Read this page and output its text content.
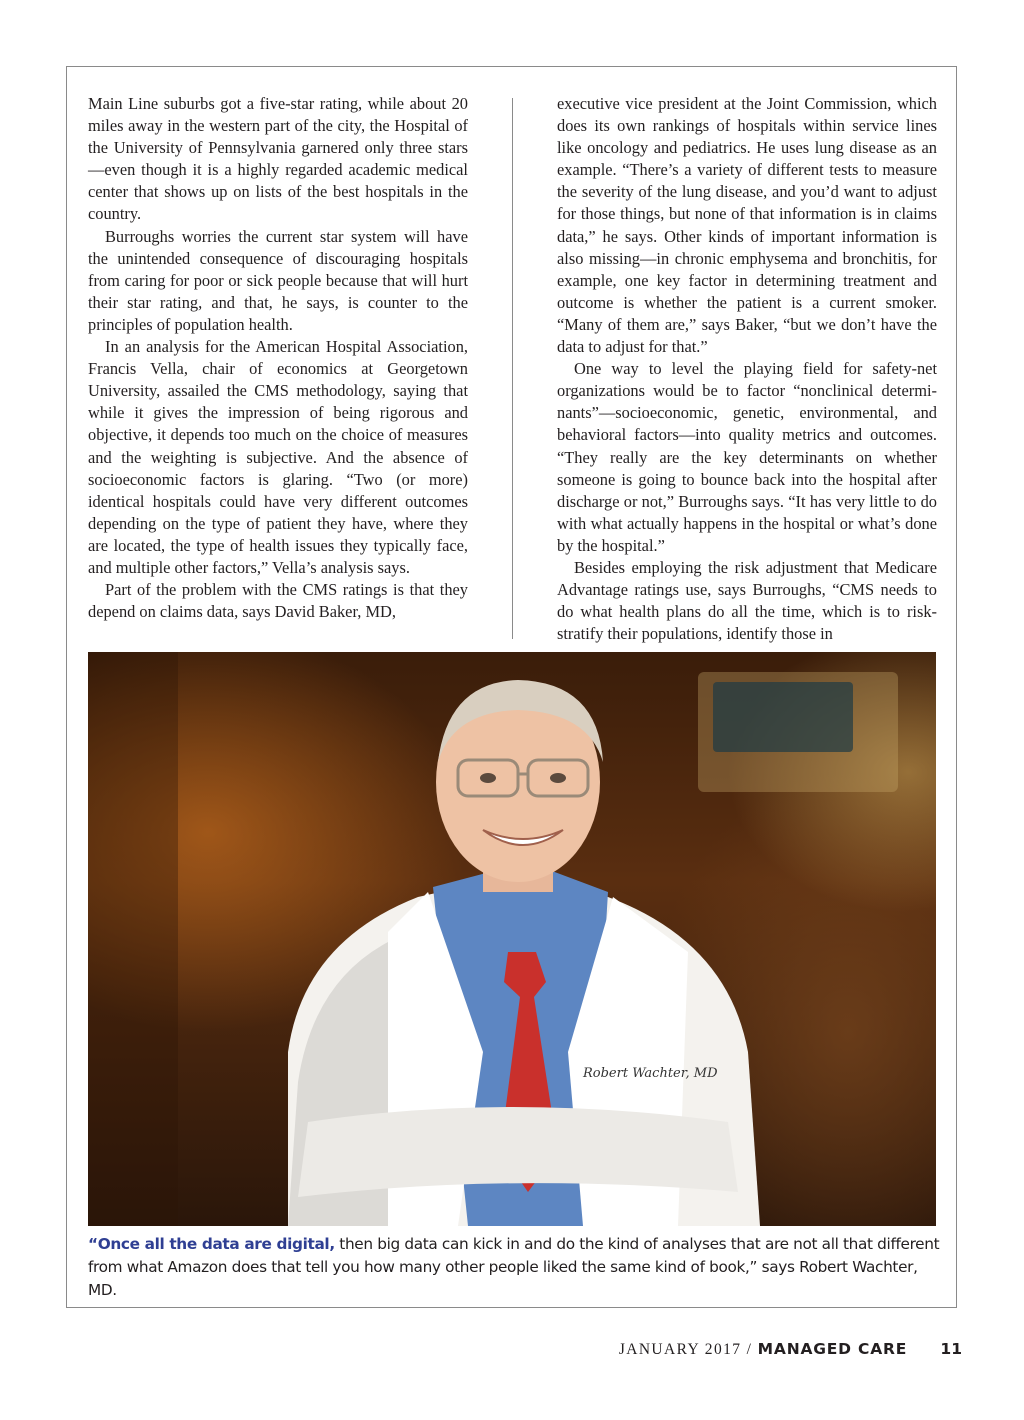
Main Line suburbs got a five-star rating, while about 20 miles away in the western part of the city, the Hospital of the University of Pennsylvania garnered only three stars—even though it is a highly regarded academic medical center that shows up on lists of the best hospitals in the country.

Burroughs worries the current star system will have the unintended consequence of discouraging hospitals from caring for poor or sick people because that will hurt their star rating, and that, he says, is counter to the principles of population health.

In an analysis for the American Hospital Association, Francis Vella, chair of economics at Georgetown University, assailed the CMS methodology, saying that while it gives the impression of being rigorous and objective, it depends too much on the choice of measures and the weighting is subjective. And the absence of socioeconomic factors is glaring. “Two (or more) identical hospitals could have very different outcomes depending on the type of patient they have, where they are located, the type of health issues they typically face, and multiple other factors,” Vella’s analysis says.

Part of the problem with the CMS ratings is that they depend on claims data, says David Baker, MD,

executive vice president at the Joint Commission, which does its own rankings of hospitals within service lines like oncology and pediatrics. He uses lung disease as an example. “There’s a variety of different tests to measure the severity of the lung disease, and you’d want to adjust for those things, but none of that information is in claims data,” he says. Other kinds of important information is also missing—in chronic emphysema and bronchitis, for example, one key factor in determining treatment and outcome is whether the patient is a current smoker. “Many of them are,” says Baker, “but we don’t have the data to adjust for that.”

One way to level the playing field for safety-net organizations would be to factor “nonclinical determinants”—socioeconomic, genetic, environmental, and behavioral factors—into quality metrics and outcomes. “They really are the key determinants on whether someone is going to bounce back into the hospital after discharge or not,” Burroughs says. “It has very little to do with what actually happens in the hospital or what’s done by the hospital.”

Besides employing the risk adjustment that Medicare Advantage ratings use, says Burroughs, “CMS needs to do what health plans do all the time, which is to risk-stratify their populations, identify those in

Robert Wachter, MD
“Once all the data are digital, then big data can kick in and do the kind of analyses that are not all that different from what Amazon does that tell you how many other people liked the same kind of book,” says Robert Wachter, MD.
JANUARY 2017 / MANAGED CARE 11
